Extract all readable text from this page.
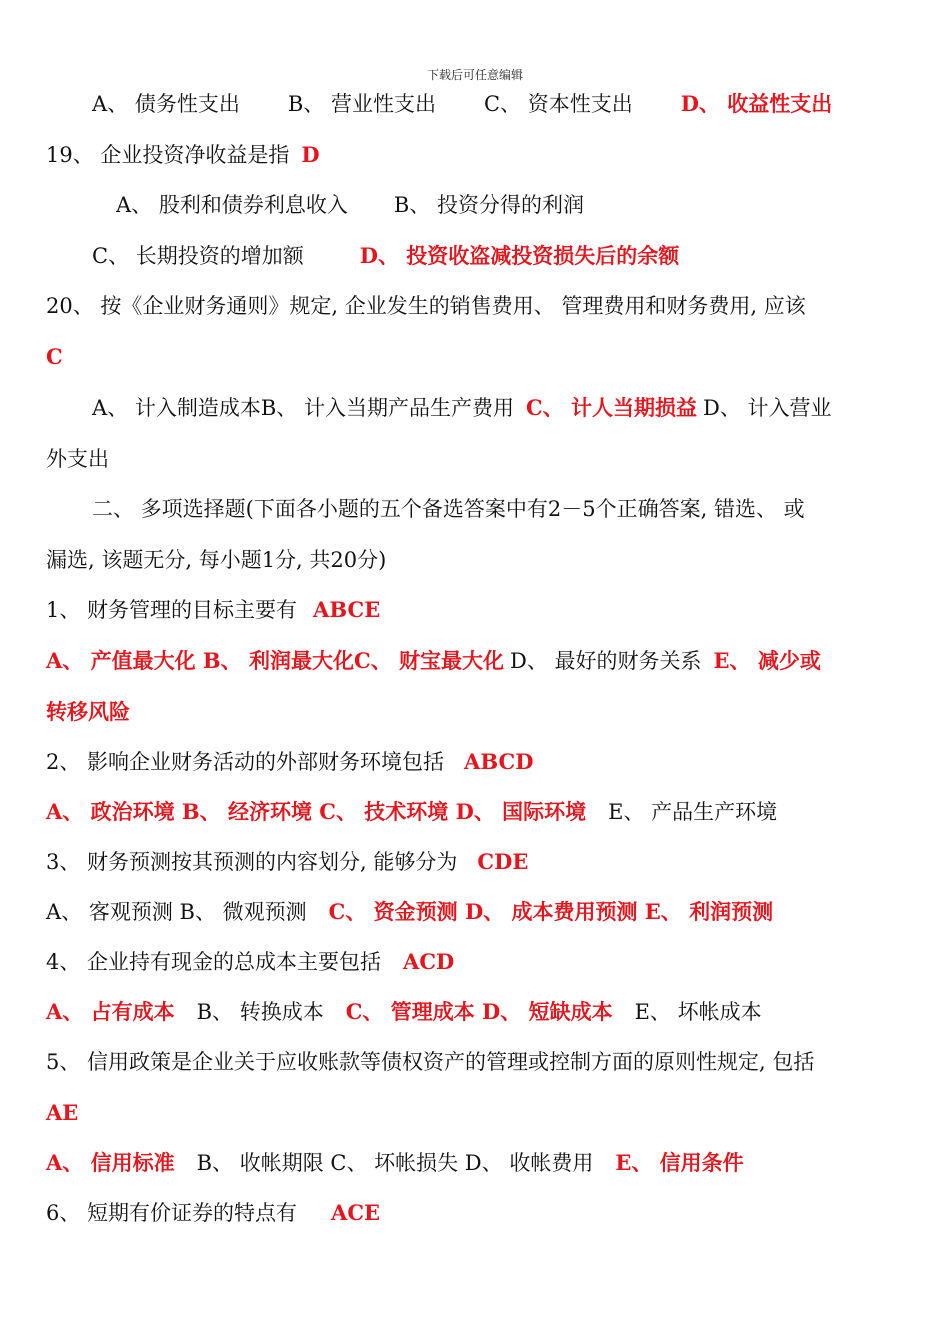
下载后可任意编辑
A、 债务性支出 B、 营业性支出 C、 资本性支出 D、 收益性支出
19、 企业投资净收益是指 D
A、 股利和债券利息收入 B、 投资分得的利润
C、 长期投资的增加额	D、 投资收盗减投资损失后的余额
20、 按《企业财务通则》规定, 企业发生的销售费用、 管理费用和财务费用, 应该
C
A、 计入制造成本B、 计入当期产品生产费用 C、 计人当期损益 D、 计入营业
外支出
二、 多项选择题(下面各小题的五个备选答案中有2－5个正确答案, 错选、 或
漏选, 该题无分, 每小题1分, 共20分)
1、 财务管理的目标主要有 ABCE
A、 产值最大化 B、 利润最大化C、 财宝最大化 D、 最好的财务关系 E、 减少或
转移风险
2、 影响企业财务活动的外部财务环境包括 ABCD
A、 政治环境 B、 经济环境 C、 技术环境 D、 国际环境 E、 产品生产环境
3、 财务预测按其预测的内容划分, 能够分为 CDE
A、 客观预测 B、 微观预测 C、 资金预测 D、 成本费用预测 E、 利润预测
4、 企业持有现金的总成本主要包括 ACD
A、 占有成本 B、 转换成本 C、 管理成本 D、 短缺成本 E、 坏帐成本
5、 信用政策是企业关于应收账款等债权资产的管理或控制方面的原则性规定, 包括
AE
A、 信用标准 B、 收帐期限 C、 坏帐损失 D、 收帐费用 E、 信用条件
6、 短期有价证券的特点有 ACE
